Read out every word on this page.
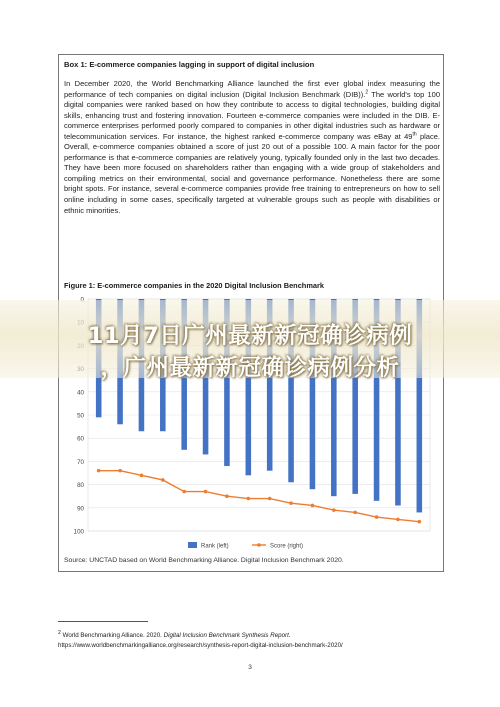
Box 1: E-commerce companies lagging in support of digital inclusion
In December 2020, the World Benchmarking Alliance launched the first ever global index measuring the performance of tech companies on digital inclusion (Digital Inclusion Benchmark (DIB)).$^2$ The world's top 100 digital companies were ranked based on how they contribute to access to digital technologies, building digital skills, enhancing trust and fostering innovation. Fourteen e-commerce companies were included in the DIB. E-commerce enterprises performed poorly compared to companies in other digital industries such as hardware or telecommunication services. For instance, the highest ranked e-commerce company was eBay at 49th place. Overall, e-commerce companies obtained a score of just 20 out of a possible 100. A main factor for the poor performance is that e-commerce companies are relatively young, typically founded only in the last two decades. They have been more focused on shareholders rather than engaging with a wide group of stakeholders and compiling metrics on their environmental, social and governance performance. Nonetheless there are some bright spots. For instance, several e-commerce companies provide free training to entrepreneurs on how to sell online including in some cases, specifically targeted at vulnerable groups such as people with disabilities or ethnic minorities.
Figure 1: E-commerce companies in the 2020 Digital Inclusion Benchmark
40
50
60
70
80
90
100
Rank (left)	Score (right)
Source: UNCTAD based on World Benchmarking Alliance. Digital Inclusion Benchmark 2020.
$^2$ World Benchmarking Alliance. 2020. Digital Inclusion Benchmark Synthesis Report.
https://www.worldbenchmarkingalliance.org/research/synthesis-report-digital-inclusion-benchmark-2020/
3
11月7日广州最新新冠确诊病例
，广州最新新冠确诊病例分析
